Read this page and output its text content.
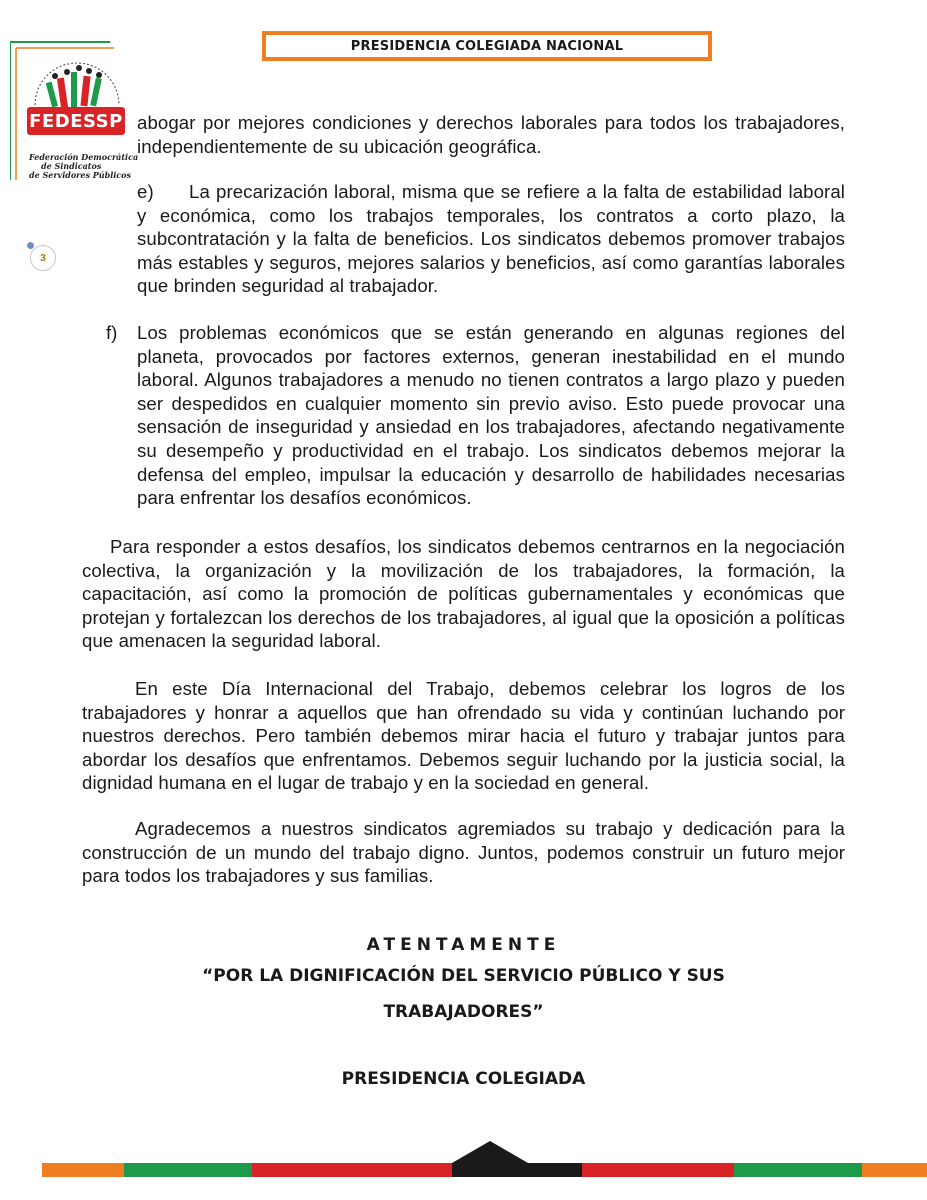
PRESIDENCIA COLEGIADA NACIONAL
FEDESSP
Federación Democrática
de Sindicatos
de Servidores Públicos
3

abogar por mejores condiciones y derechos laborales para todos los trabajadores, independientemente de su ubicación geográfica.

e) La precarización laboral, misma que se refiere a la falta de estabilidad laboral y económica, como los trabajos temporales, los contratos a corto plazo, la subcontratación y la falta de beneficios. Los sindicatos debemos promover trabajos más estables y seguros, mejores salarios y beneficios, así como garantías laborales que brinden seguridad al trabajador.

f) Los problemas económicos que se están generando en algunas regiones del planeta, provocados por factores externos, generan inestabilidad en el mundo laboral. Algunos trabajadores a menudo no tienen contratos a largo plazo y pueden ser despedidos en cualquier momento sin previo aviso. Esto puede provocar una sensación de inseguridad y ansiedad en los trabajadores, afectando negativamente su desempeño y productividad en el trabajo. Los sindicatos debemos mejorar la defensa del empleo, impulsar la educación y desarrollo de habilidades necesarias para enfrentar los desafíos económicos.

Para responder a estos desafíos, los sindicatos debemos centrarnos en la negociación colectiva, la organización y la movilización de los trabajadores, la formación, la capacitación, así como la promoción de políticas gubernamentales y económicas que protejan y fortalezcan los derechos de los trabajadores, al igual que la oposición a políticas que amenacen la seguridad laboral.

En este Día Internacional del Trabajo, debemos celebrar los logros de los trabajadores y honrar a aquellos que han ofrendado su vida y continúan luchando por nuestros derechos. Pero también debemos mirar hacia el futuro y trabajar juntos para abordar los desafíos que enfrentamos. Debemos seguir luchando por la justicia social, la dignidad humana en el lugar de trabajo y en la sociedad en general.

Agradecemos a nuestros sindicatos agremiados su trabajo y dedicación para la construcción de un mundo del trabajo digno. Juntos, podemos construir un futuro mejor para todos los trabajadores y sus familias.

ATENTAMENTE
“POR LA DIGNIFICACIÓN DEL SERVICIO PÚBLICO Y SUS
TRABAJADORES”
PRESIDENCIA COLEGIADA
